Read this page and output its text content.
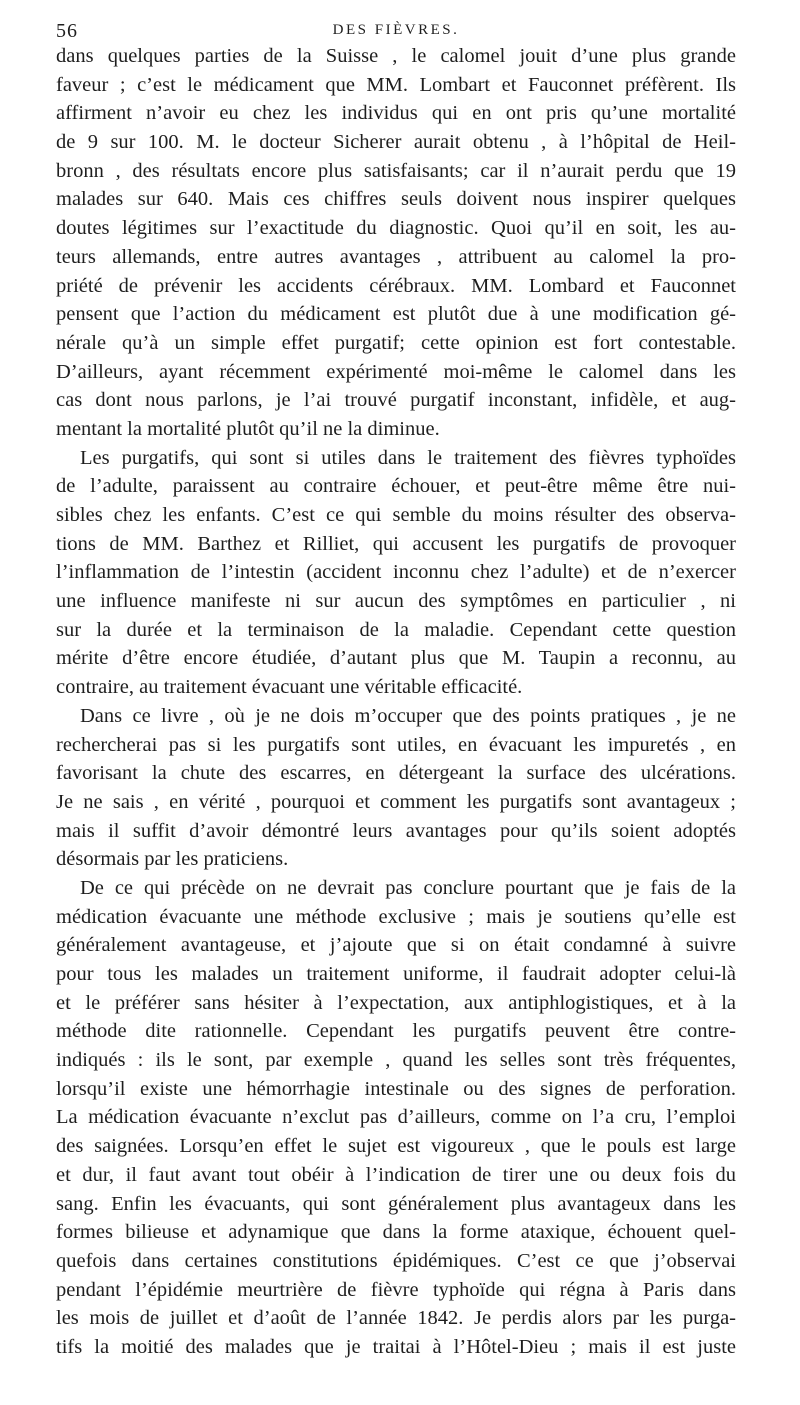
56	DES FIÈVRES.
dans quelques parties de la Suisse , le calomel jouit d’une plus grande
faveur ; c’est le médicament que MM. Lombart et Fauconnet préfèrent. Ils
affirment n’avoir eu chez les individus qui en ont pris qu’une mortalité
de 9 sur 100. M. le docteur Sicherer aurait obtenu , à l’hôpital de Heil-
bronn , des résultats encore plus satisfaisants; car il n’aurait perdu que 19
malades sur 640. Mais ces chiffres seuls doivent nous inspirer quelques
doutes légitimes sur l’exactitude du diagnostic. Quoi qu’il en soit, les au-
teurs allemands, entre autres avantages , attribuent au calomel la pro-
priété de prévenir les accidents cérébraux. MM. Lombard et Fauconnet
pensent que l’action du médicament est plutôt due à une modification gé-
nérale qu’à un simple effet purgatif; cette opinion est fort contestable.
D’ailleurs, ayant récemment expérimenté moi-même le calomel dans les
cas dont nous parlons, je l’ai trouvé purgatif inconstant, infidèle, et aug-
mentant la mortalité plutôt qu’il ne la diminue.
Les purgatifs, qui sont si utiles dans le traitement des fièvres typhoïdes
de l’adulte, paraissent au contraire échouer, et peut-être même être nui-
sibles chez les enfants. C’est ce qui semble du moins résulter des observa-
tions de MM. Barthez et Rilliet, qui accusent les purgatifs de provoquer
l’inflammation de l’intestin (accident inconnu chez l’adulte) et de n’exercer
une influence manifeste ni sur aucun des symptômes en particulier , ni
sur la durée et la terminaison de la maladie. Cependant cette question
mérite d’être encore étudiée, d’autant plus que M. Taupin a reconnu, au
contraire, au traitement évacuant une véritable efficacité.
Dans ce livre , où je ne dois m’occuper que des points pratiques , je ne
rechercherai pas si les purgatifs sont utiles, en évacuant les impuretés , en
favorisant la chute des escarres, en détergeant la surface des ulcérations.
Je ne sais , en vérité , pourquoi et comment les purgatifs sont avantageux ;
mais il suffit d’avoir démontré leurs avantages pour qu’ils soient adoptés
désormais par les praticiens.
De ce qui précède on ne devrait pas conclure pourtant que je fais de la
médication évacuante une méthode exclusive ; mais je soutiens qu’elle est
généralement avantageuse, et j’ajoute que si on était condamné à suivre
pour tous les malades un traitement uniforme, il faudrait adopter celui-là
et le préférer sans hésiter à l’expectation, aux antiphlogistiques, et à la
méthode dite rationnelle. Cependant les purgatifs peuvent être contre-
indiqués : ils le sont, par exemple , quand les selles sont très fréquentes,
lorsqu’il existe une hémorrhagie intestinale ou des signes de perforation.
La médication évacuante n’exclut pas d’ailleurs, comme on l’a cru, l’emploi
des saignées. Lorsqu’en effet le sujet est vigoureux , que le pouls est large
et dur, il faut avant tout obéir à l’indication de tirer une ou deux fois du
sang. Enfin les évacuants, qui sont généralement plus avantageux dans les
formes bilieuse et adynamique que dans la forme ataxique, échouent quel-
quefois dans certaines constitutions épidémiques. C’est ce que j’observai
pendant l’épidémie meurtrière de fièvre typhoïde qui régna à Paris dans
les mois de juillet et d’août de l’année 1842. Je perdis alors par les purga-
tifs la moitié des malades que je traitai à l’Hôtel-Dieu ; mais il est juste
